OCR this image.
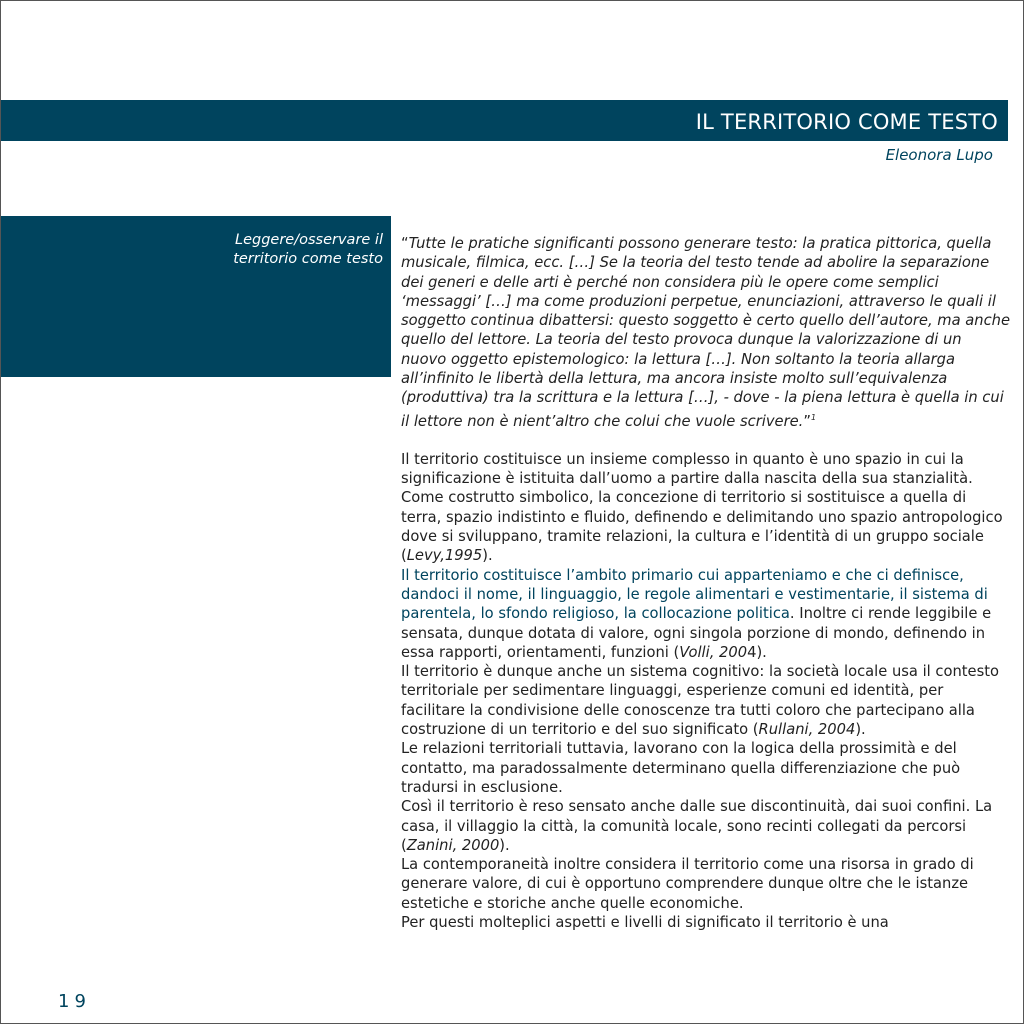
IL TERRITORIO COME TESTO
Eleonora Lupo
Leggere/osservare il
territorio come testo

“Tutte le pratiche significanti possono generare testo: la pratica pittorica, quella musicale, filmica, ecc. […] Se la teoria del testo tende ad abolire la separazione dei generi e delle arti è perché non considera più le opere come semplici ‘messaggi’ […] ma come produzioni perpetue, enunciazioni, attraverso le quali il soggetto continua dibattersi: questo soggetto è certo quello dell’autore, ma anche quello del lettore. La teoria del testo provoca dunque la valorizzazione di un nuovo oggetto epistemologico: la lettura […]. Non soltanto la teoria allarga all’infinito le libertà della lettura, ma ancora insiste molto sull’equivalenza (produttiva) tra la scrittura e la lettura […], - dove - la piena lettura è quella in cui il lettore non è nient’altro che colui che vuole scrivere.”$^1$

Il territorio costituisce un insieme complesso in quanto è uno spazio in cui la significazione è istituita dall’uomo a partire dalla nascita della sua stanzialità. Come costrutto simbolico, la concezione di territorio si sostituisce a quella di terra, spazio indistinto e fluido, definendo e delimitando uno spazio antropologico dove si sviluppano, tramite relazioni, la cultura e l’identità di un gruppo sociale (Levy,1995).

Il territorio costituisce l’ambito primario cui apparteniamo e che ci definisce, dandoci il nome, il linguaggio, le regole alimentari e vestimentarie, il sistema di parentela, lo sfondo religioso, la collocazione politica. Inoltre ci rende leggibile e sensata, dunque dotata di valore, ogni singola porzione di mondo, definendo in essa rapporti, orientamenti, funzioni (Volli, 2004).

Il territorio è dunque anche un sistema cognitivo: la società locale usa il contesto territoriale per sedimentare linguaggi, esperienze comuni ed identità, per facilitare la condivisione delle conoscenze tra tutti coloro che partecipano alla costruzione di un territorio e del suo significato (Rullani, 2004).

Le relazioni territoriali tuttavia, lavorano con la logica della prossimità e del contatto, ma paradossalmente determinano quella differenziazione che può tradursi in esclusione.

Così il territorio è reso sensato anche dalle sue discontinuità, dai suoi confini. La casa, il villaggio la città, la comunità locale, sono recinti collegati da percorsi (Zanini, 2000).

La contemporaneità inoltre considera il territorio come una risorsa in grado di generare valore, di cui è opportuno comprendere dunque oltre che le istanze estetiche e storiche anche quelle economiche.

Per questi molteplici aspetti e livelli di significato il territorio è una

19
